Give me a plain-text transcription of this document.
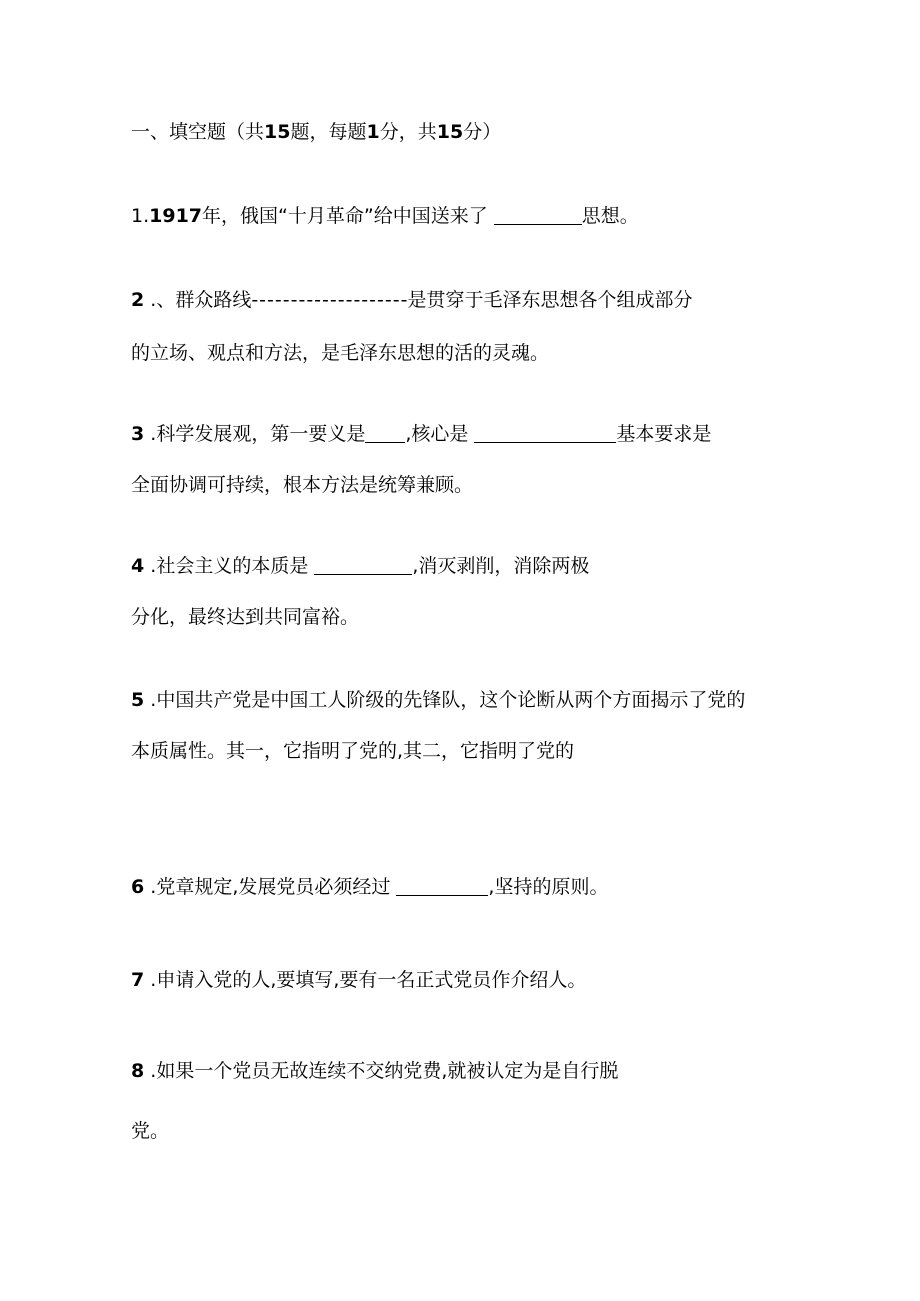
一、填空题（共15题，每题1分，共15分）
1.1917年，俄国“十月革命”给中国送来了	思想。
2 .、群众路线--------------------是贯穿于毛泽东思想各个组成部分
的立场、观点和方法，是毛泽东思想的活的灵魂。
3 .科学发展观，第一要义是 ,核心是	基本要求是
全面协调可持续，根本方法是统筹兼顾。
4 .社会主义的本质是	,消灭剥削，消除两极
分化，最终达到共同富裕。
5 .中国共产党是中国工人阶级的先锋队，这个论断从两个方面揭示了党的
本质属性。其一，它指明了党的,其二，它指明了党的
6 .党章规定,发展党员必须经过	,坚持的原则。
7 .申请入党的人,要填写,要有一名正式党员作介绍人。
8 .如果一个党员无故连续不交纳党费,就被认定为是自行脱
党。
